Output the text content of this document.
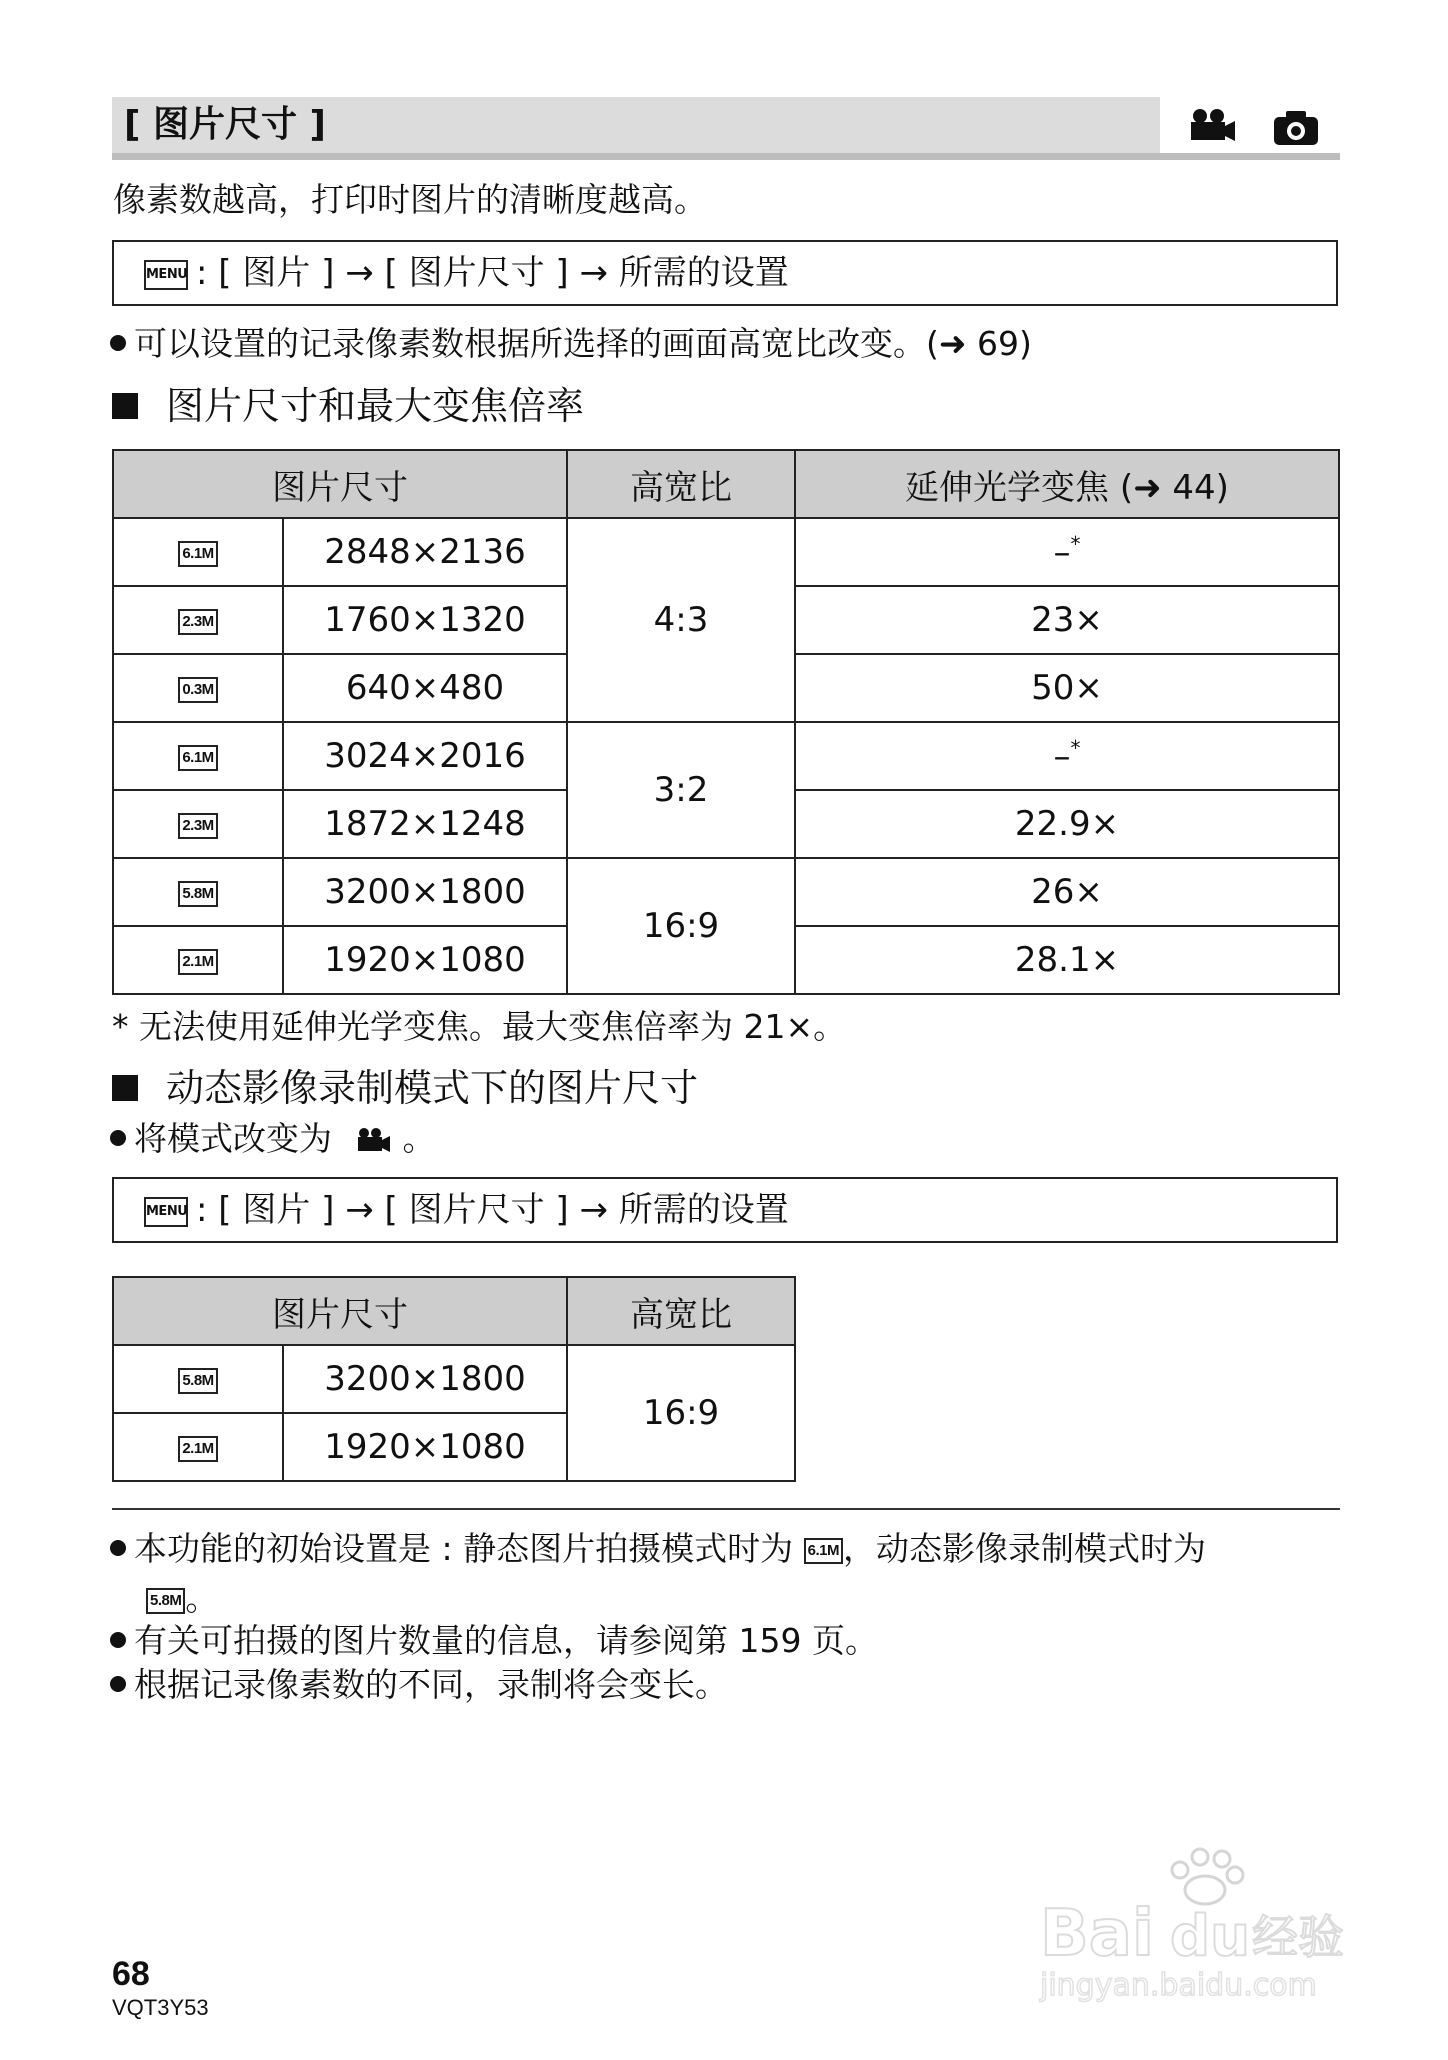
[ 图片尺寸 ]
像素数越高，打印时图片的清晰度越高。
MENU : [ 图片 ] → [ 图片尺寸 ] → 所需的设置
可以设置的记录像素数根据所选择的画面高宽比改变。(➜ 69)
图片尺寸和最大变焦倍率
图片尺寸		高宽比	延伸光学变焦 (➜ 44)
6.1M	2848×2136	4:3	–*
2.3M	1760×1320		23×
0.3M	640×480		50×
6.1M	3024×2016	3:2	–*
2.3M	1872×1248		22.9×
5.8M	3200×1800	16:9	26×
2.1M	1920×1080		28.1×
* 无法使用延伸光学变焦。最大变焦倍率为 21×。
动态影像录制模式下的图片尺寸
将模式改变为 。
MENU : [ 图片 ] → [ 图片尺寸 ] → 所需的设置
图片尺寸		高宽比
5.8M	3200×1800	16:9
2.1M	1920×1080	
本功能的初始设置是 : 静态图片拍摄模式时为 6.1M ，动态影像录制模式时为
5.8M 。
有关可拍摄的图片数量的信息，请参阅第 159 页。
根据记录像素数的不同，录制将会变长。
68
VQT3Y53
Bai du 经验
jingyan.baidu.com
